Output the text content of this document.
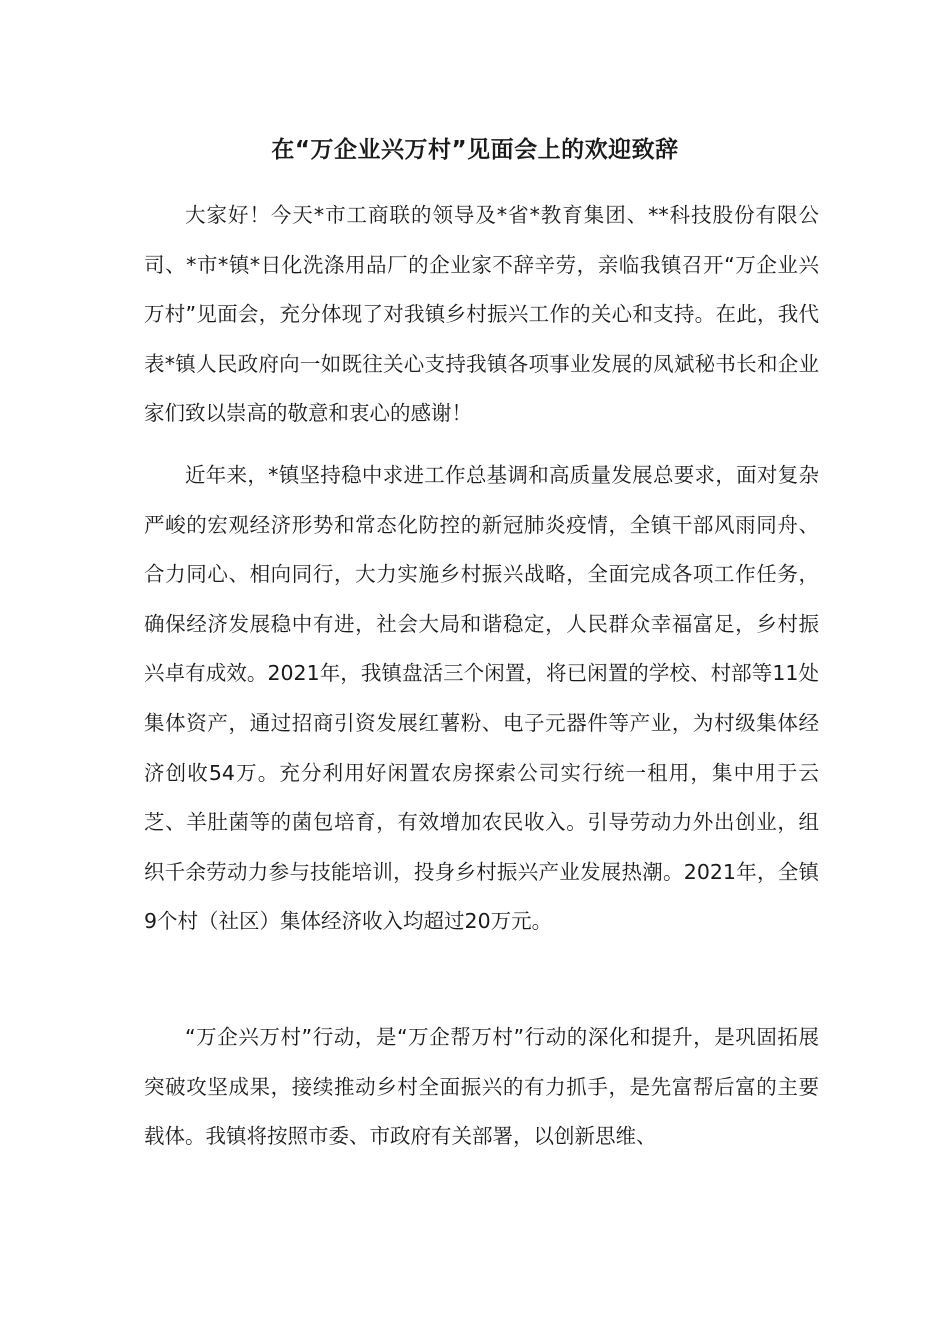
在“万企业兴万村”见面会上的欢迎致辞

大家好！今天*市工商联的领导及*省*教育集团、**科技股份有限公司、*市*镇*日化洗涤用品厂的企业家不辞辛劳，亲临我镇召开“万企业兴万村”见面会，充分体现了对我镇乡村振兴工作的关心和支持。在此，我代表*镇人民政府向一如既往关心支持我镇各项事业发展的凤斌秘书长和企业家们致以崇高的敬意和衷心的感谢！

近年来，*镇坚持稳中求进工作总基调和高质量发展总要求，面对复杂严峻的宏观经济形势和常态化防控的新冠肺炎疫情，全镇干部风雨同舟、合力同心、相向同行，大力实施乡村振兴战略，全面完成各项工作任务，确保经济发展稳中有进，社会大局和谐稳定，人民群众幸福富足，乡村振兴卓有成效。2021年，我镇盘活三个闲置，将已闲置的学校、村部等11处集体资产，通过招商引资发展红薯粉、电子元器件等产业，为村级集体经济创收54万。充分利用好闲置农房探索公司实行统一租用，集中用于云芝、羊肚菌等的菌包培育，有效增加农民收入。引导劳动力外出创业，组织千余劳动力参与技能培训，投身乡村振兴产业发展热潮。2021年，全镇9个村（社区）集体经济收入均超过20万元。

“万企兴万村”行动，是“万企帮万村”行动的深化和提升，是巩固拓展突破攻坚成果，接续推动乡村全面振兴的有力抓手，是先富帮后富的主要载体。我镇将按照市委、市政府有关部署，以创新思维、
